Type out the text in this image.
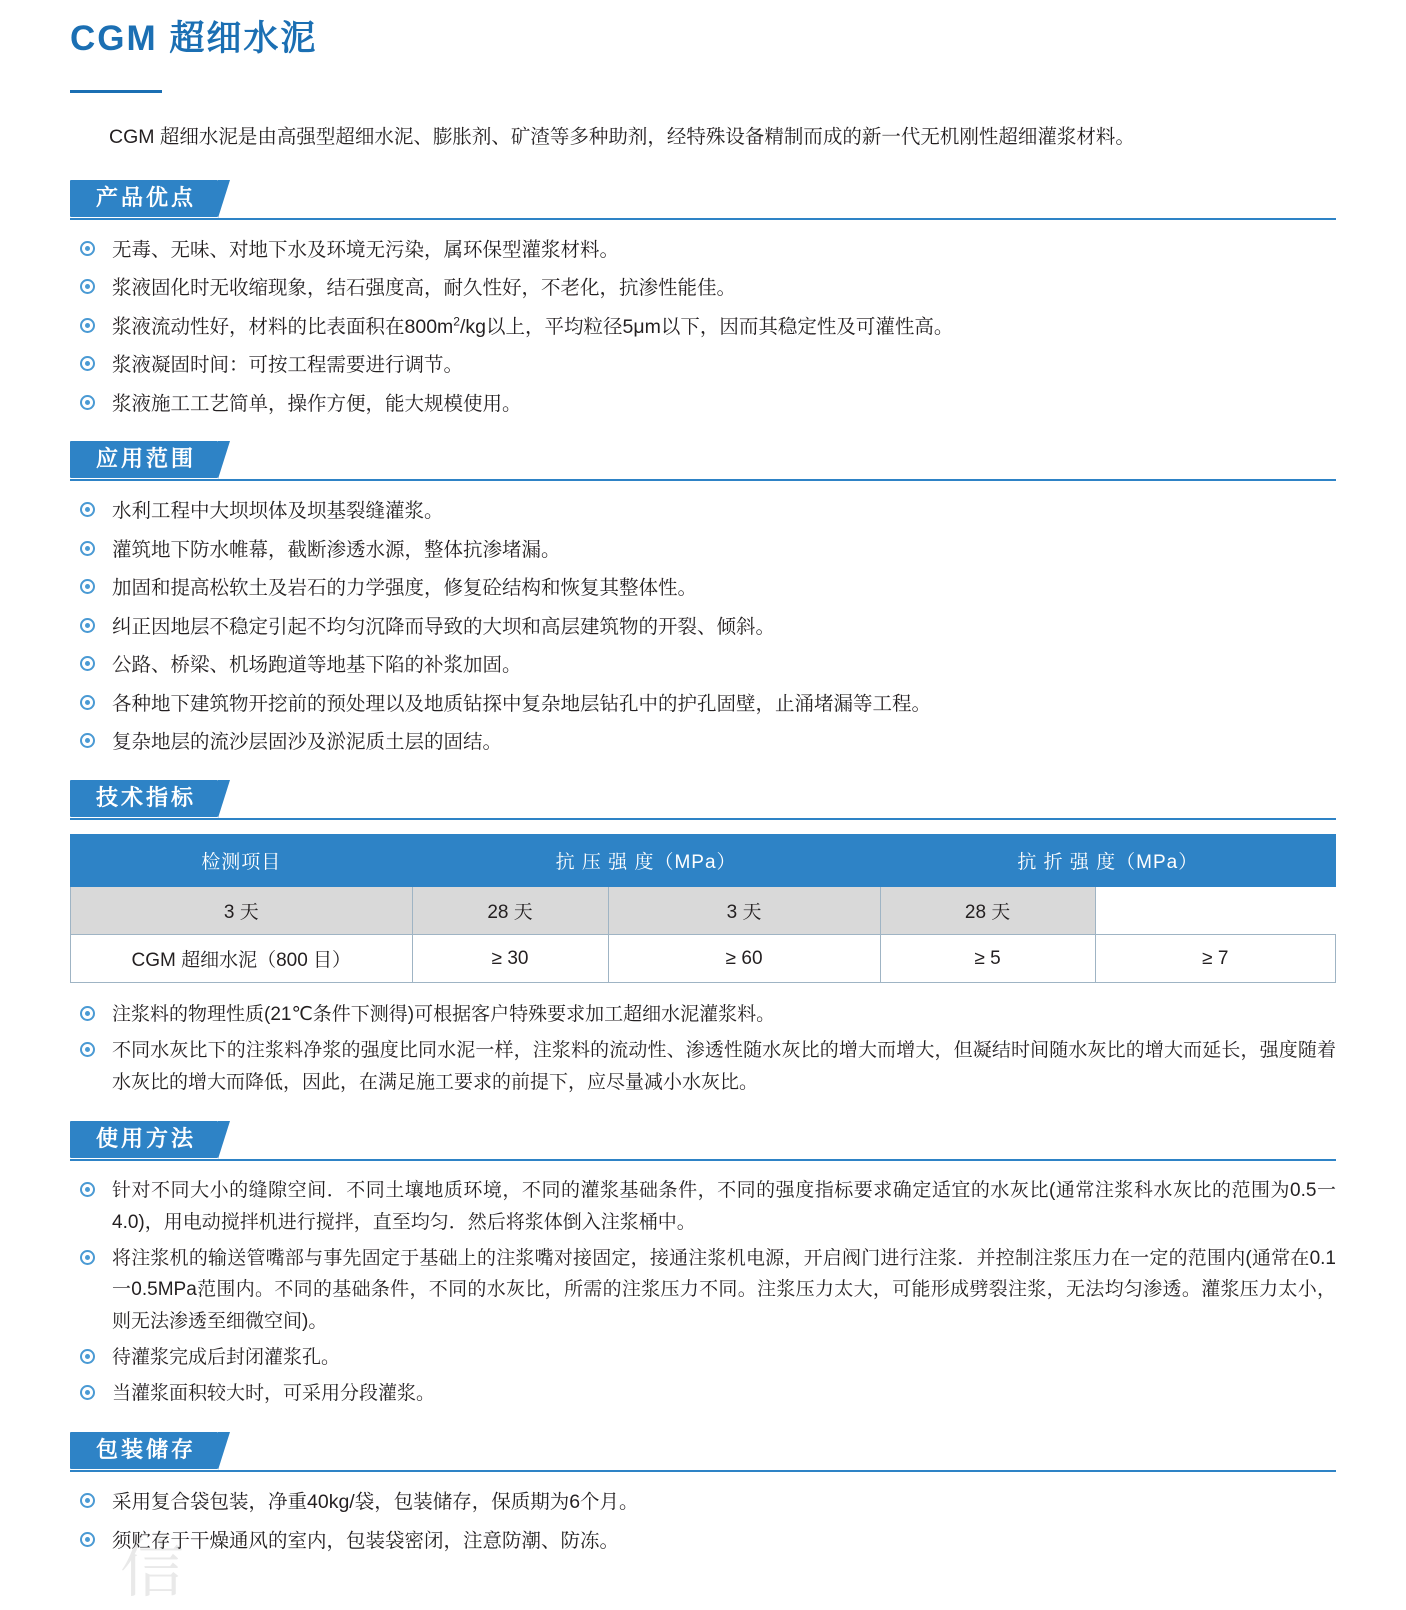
信
CGM 超细水泥

CGM 超细水泥是由高强型超细水泥、膨胀剂、矿渣等多种助剂，经特殊设备精制而成的新一代无机刚性超细灌浆材料。

产品优点
无毒、无味、对地下水及环境无污染，属环保型灌浆材料。
浆液固化时无收缩现象，结石强度高，耐久性好，不老化，抗渗性能佳。
浆液流动性好，材料的比表面积在$800m^2/kg$以上，平均粒径5μm以下，因而其稳定性及可灌性高。
浆液凝固时间：可按工程需要进行调节。
浆液施工工艺简单，操作方便，能大规模使用。
应用范围
水利工程中大坝坝体及坝基裂缝灌浆。
灌筑地下防水帷幕，截断渗透水源，整体抗渗堵漏。
加固和提高松软土及岩石的力学强度，修复砼结构和恢复其整体性。
纠正因地层不稳定引起不均匀沉降而导致的大坝和高层建筑物的开裂、倾斜。
公路、桥梁、机场跑道等地基下陷的补浆加固。
各种地下建筑物开挖前的预处理以及地质钻探中复杂地层钻孔中的护孔固壁，止涌堵漏等工程。
复杂地层的流沙层固沙及淤泥质土层的固结。
技术指标
检测项目	抗 压 强 度（MPa）		抗 折 强 度（MPa）	
3 天	28 天	3 天	28 天	
CGM 超细水泥（800 目）	≥ 30	≥ 60	≥ 5	≥ 7
注浆料的物理性质(21℃条件下测得)可根据客户特殊要求加工超细水泥灌浆料。
不同水灰比下的注浆料净浆的强度比同水泥一样，注浆料的流动性、渗透性随水灰比的增大而增大，但凝结时间随水灰比的增大而延长，强度随着水灰比的增大而降低，因此，在满足施工要求的前提下，应尽量减小水灰比。
使用方法
针对不同大小的缝隙空间．不同土壤地质环境，不同的灌浆基础条件，不同的强度指标要求确定适宜的水灰比(通常注浆科水灰比的范围为0.5一4.0)，用电动搅拌机进行搅拌，直至均匀．然后将浆体倒入注浆桶中。
将注浆机的输送管嘴部与事先固定于基础上的注浆嘴对接固定，接通注浆机电源，开启阀门进行注浆．并控制注浆压力在一定的范围内(通常在0.1一0.5MPa范围内。不同的基础条件，不同的水灰比，所需的注浆压力不同。注浆压力太大，可能形成劈裂注浆，无法均匀渗透。灌浆压力太小，则无法渗透至细微空间)。
待灌浆完成后封闭灌浆孔。
当灌浆面积较大时，可采用分段灌浆。
包装储存
采用复合袋包装，净重40kg/袋，包装储存，保质期为6个月。
须贮存于干燥通风的室内，包装袋密闭，注意防潮、防冻。
